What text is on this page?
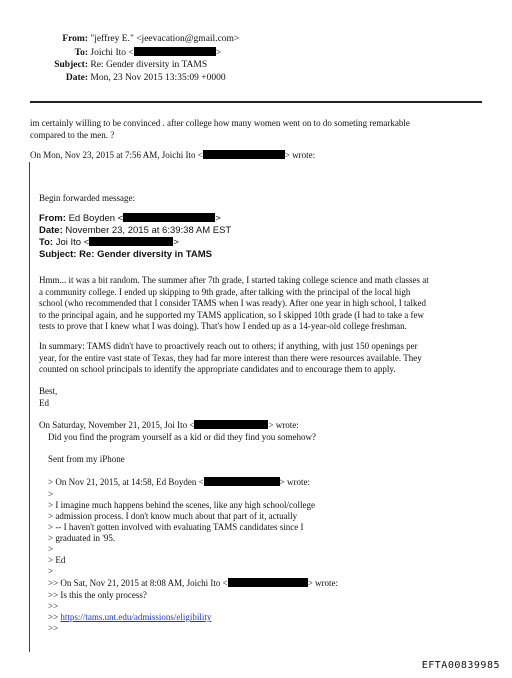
From: "jeffrey E." <jeevacation@gmail.com>
To: Joichi Ito <	>
Subject: Re: Gender diversity in TAMS
Date: Mon, 23 Nov 2015 13:35:09 +0000
im certainly willing to be convinced . after college how many women went on to do someting remarkable
compared to the men. ?
On Mon, Nov 23, 2015 at 7:56 AM, Joichi Ito <	> wrote:
Begin forwarded message:
From: Ed Boyden <	>
Date: November 23, 2015 at 6:39:38 AM EST
To: Joi Ito <	>
Subject: Re: Gender diversity in TAMS
Hmm... it was a bit random. The summer after 7th grade, I started taking college science and math classes at
a community college. I ended up skipping to 9th grade, after talking with the principal of the local high
school (who recommended that I consider TAMS when I was ready). After one year in high school, I talked
to the principal again, and he supported my TAMS application, so I skipped 10th grade (I had to take a few
tests to prove that I knew what I was doing). That's how I ended up as a 14-year-old college freshman.
In summary: TAMS didn't have to proactively reach out to others; if anything, with just 150 openings per
year, for the entire vast state of Texas, they had far more interest than there were resources available. They
counted on school principals to identify the appropriate candidates and to encourage them to apply.
Best,
Ed
On Saturday, November 21, 2015, Joi Ito <	> wrote:
Did you find the program yourself as a kid or did they find you somehow?
Sent from my iPhone
> On Nov 21, 2015, at 14:58, Ed Boyden <	> wrote:
>
> I imagine much happens behind the scenes, like any high school/college
> admission process. I don't know much about that part of it, actually
> -- I haven't gotten involved with evaluating TAMS candidates since I
> graduated in '95.
>
> Ed
>
>> On Sat, Nov 21, 2015 at 8:08 AM, Joichi Ito <	> wrote:
>> Is this the only process?
>>
>> https://tams.unt.edu/admissions/eligibility
>>
EFTA00839985
